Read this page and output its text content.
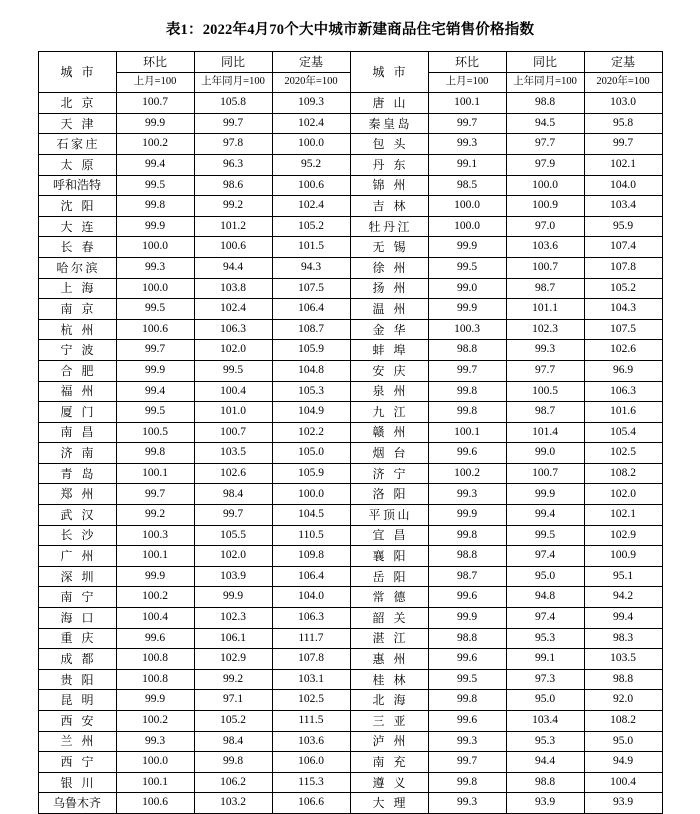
表1：2022年4月70个大中城市新建商品住宅销售价格指数
城市	环比	同比	定基	城市	环比	同比	定基
	上月=100	上年同月=100	2020年=100		上月=100	上年同月=100	2020年=100

北京	100.7	105.8	109.3	唐山	100.1	98.8	103.0

天津	99.9	99.7	102.4	秦皇岛	99.7	94.5	95.8

石家庄	100.2	97.8	100.0	包头	99.3	97.7	99.7

太原	99.4	96.3	95.2	丹东	99.1	97.9	102.1

呼和浩特	99.5	98.6	100.6	锦州	98.5	100.0	104.0

沈阳	99.8	99.2	102.4	吉林	100.0	100.9	103.4

大连	99.9	101.2	105.2	牡丹江	100.0	97.0	95.9

长春	100.0	100.6	101.5	无锡	99.9	103.6	107.4

哈尔滨	99.3	94.4	94.3	徐州	99.5	100.7	107.8

上海	100.0	103.8	107.5	扬州	99.0	98.7	105.2

南京	99.5	102.4	106.4	温州	99.9	101.1	104.3

杭州	100.6	106.3	108.7	金华	100.3	102.3	107.5

宁波	99.7	102.0	105.9	蚌埠	98.8	99.3	102.6

合肥	99.9	99.5	104.8	安庆	99.7	97.7	96.9

福州	99.4	100.4	105.3	泉州	99.8	100.5	106.3

厦门	99.5	101.0	104.9	九江	99.8	98.7	101.6

南昌	100.5	100.7	102.2	赣州	100.1	101.4	105.4

济南	99.8	103.5	105.0	烟台	99.6	99.0	102.5

青岛	100.1	102.6	105.9	济宁	100.2	100.7	108.2

郑州	99.7	98.4	100.0	洛阳	99.3	99.9	102.0

武汉	99.2	99.7	104.5	平顶山	99.9	99.4	102.1

长沙	100.3	105.5	110.5	宜昌	99.8	99.5	102.9

广州	100.1	102.0	109.8	襄阳	98.8	97.4	100.9

深圳	99.9	103.9	106.4	岳阳	98.7	95.0	95.1

南宁	100.2	99.9	104.0	常德	99.6	94.8	94.2

海口	100.4	102.3	106.3	韶关	99.9	97.4	99.4

重庆	99.6	106.1	111.7	湛江	98.8	95.3	98.3

成都	100.8	102.9	107.8	惠州	99.6	99.1	103.5

贵阳	100.8	99.2	103.1	桂林	99.5	97.3	98.8

昆明	99.9	97.1	102.5	北海	99.8	95.0	92.0

西安	100.2	105.2	111.5	三亚	99.6	103.4	108.2

兰州	99.3	98.4	103.6	泸州	99.3	95.3	95.0

西宁	100.0	99.8	106.0	南充	99.7	94.4	94.9

银川	100.1	106.2	115.3	遵义	99.8	98.8	100.4

乌鲁木齐	100.6	103.2	106.6	大理	99.3	93.9	93.9
